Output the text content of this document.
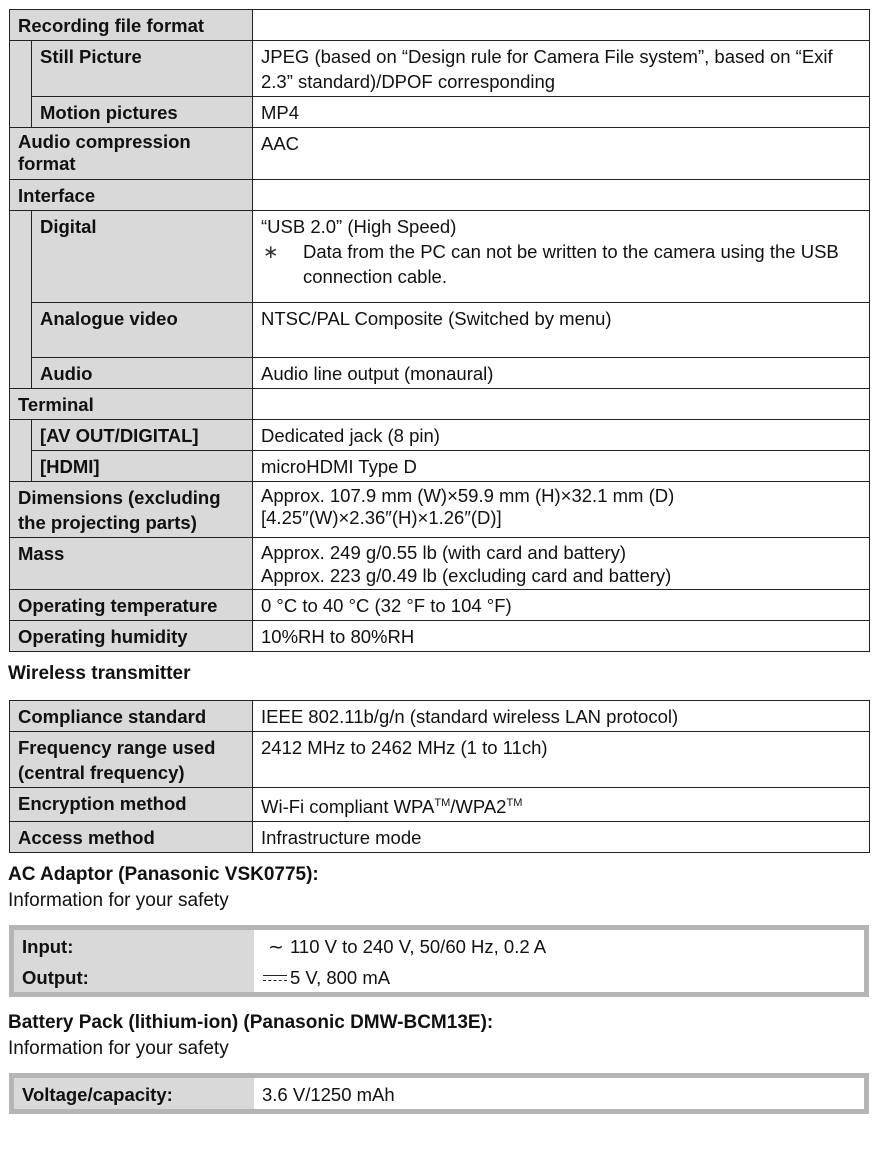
Recording file format		
	Still Picture	JPEG (based on “Design rule for Camera File system”, based on “Exif 2.3” standard)/DPOF corresponding
	Motion pictures	MP4
Audio compression format		AAC
Interface		
	Digital	“USB 2.0” (High Speed)
∗ Data from the PC can not be written to the camera using the USB connection cable.

	Analogue video	NTSC/PAL Composite (Switched by menu)
	Audio	Audio line output (monaural)
Terminal		
	[AV OUT/DIGITAL]	Dedicated jack (8 pin)
	[HDMI]	microHDMI Type D
Dimensions (excluding the projecting parts)		Approx. 107.9 mm (W)×59.9 mm (H)×32.1 mm (D)
[4.25″(W)×2.36″(H)×1.26″(D)]

Mass		Approx. 249 g/0.55 lb (with card and battery)
Approx. 223 g/0.49 lb (excluding card and battery)

Operating temperature		0 °C to 40 °C (32 °F to 104 °F)
Operating humidity		10%RH to 80%RH
Wireless transmitter
Compliance standard	IEEE 802.11b/g/n (standard wireless LAN protocol)
Frequency range used (central frequency)	2412 MHz to 2462 MHz (1 to 11ch)
Encryption method	Wi-Fi compliant WPA™/WPA2™
Access method	Infrastructure mode
AC Adaptor (Panasonic VSK0775):

Information for your safety

Input:	∼ 110 V to 240 V, 50/60 Hz, 0.2 A
Output:	5 V, 800 mA
Battery Pack (lithium-ion) (Panasonic DMW-BCM13E):

Information for your safety

Voltage/capacity:	3.6 V/1250 mAh
